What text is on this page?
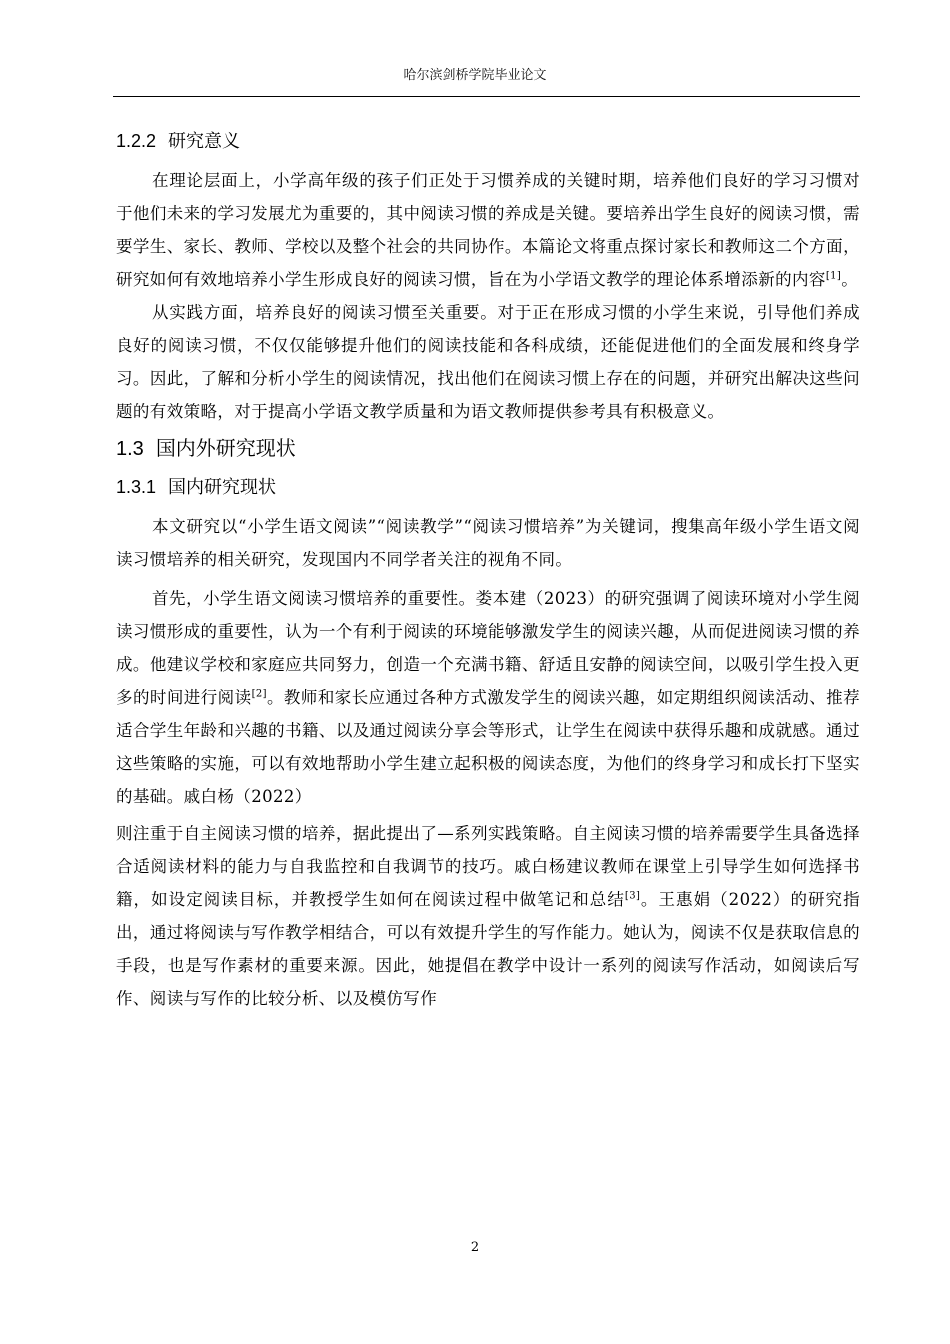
哈尔滨剑桥学院毕业论文
1.2.2 研究意义

在理论层面上，小学高年级的孩子们正处于习惯养成的关键时期，培养他们良好的学习习惯对于他们未来的学习发展尤为重要的，其中阅读习惯的养成是关键。要培养出学生良好的阅读习惯，需要学生、家长、教师、学校以及整个社会的共同协作。本篇论文将重点探讨家长和教师这二个方面，研究如何有效地培养小学生形成良好的阅读习惯，旨在为小学语文教学的理论体系增添新的内容[1]。

从实践方面，培养良好的阅读习惯至关重要。对于正在形成习惯的小学生来说，引导他们养成良好的阅读习惯，不仅仅能够提升他们的阅读技能和各科成绩，还能促进他们的全面发展和终身学习。因此，了解和分析小学生的阅读情况，找出他们在阅读习惯上存在的问题，并研究出解决这些问题的有效策略，对于提高小学语文教学质量和为语文教师提供参考具有积极意义。

1.3 国内外研究现状
1.3.1 国内研究现状

本文研究以“小学生语文阅读”“阅读教学”“阅读习惯培养”为关键词，搜集高年级小学生语文阅读习惯培养的相关研究，发现国内不同学者关注的视角不同。

首先，小学生语文阅读习惯培养的重要性。娄本建（2023）的研究强调了阅读环境对小学生阅读习惯形成的重要性，认为一个有利于阅读的环境能够激发学生的阅读兴趣，从而促进阅读习惯的养成。他建议学校和家庭应共同努力，创造一个充满书籍、舒适且安静的阅读空间，以吸引学生投入更多的时间进行阅读[2]。教师和家长应通过各种方式激发学生的阅读兴趣，如定期组织阅读活动、推荐适合学生年龄和兴趣的书籍、以及通过阅读分享会等形式，让学生在阅读中获得乐趣和成就感。通过这些策略的实施，可以有效地帮助小学生建立起积极的阅读态度，为他们的终身学习和成长打下坚实的基础。戚白杨（2022）

则注重于自主阅读习惯的培养，据此提出了—系列实践策略。自主阅读习惯的培养需要学生具备选择合适阅读材料的能力与自我监控和自我调节的技巧。戚白杨建议教师在课堂上引导学生如何选择书籍，如设定阅读目标，并教授学生如何在阅读过程中做笔记和总结[3]。王惠娟（2022）的研究指出，通过将阅读与写作教学相结合，可以有效提升学生的写作能力。她认为，阅读不仅是获取信息的手段，也是写作素材的重要来源。因此，她提倡在教学中设计一系列的阅读写作活动，如阅读后写作、阅读与写作的比较分析、以及模仿写作

2
